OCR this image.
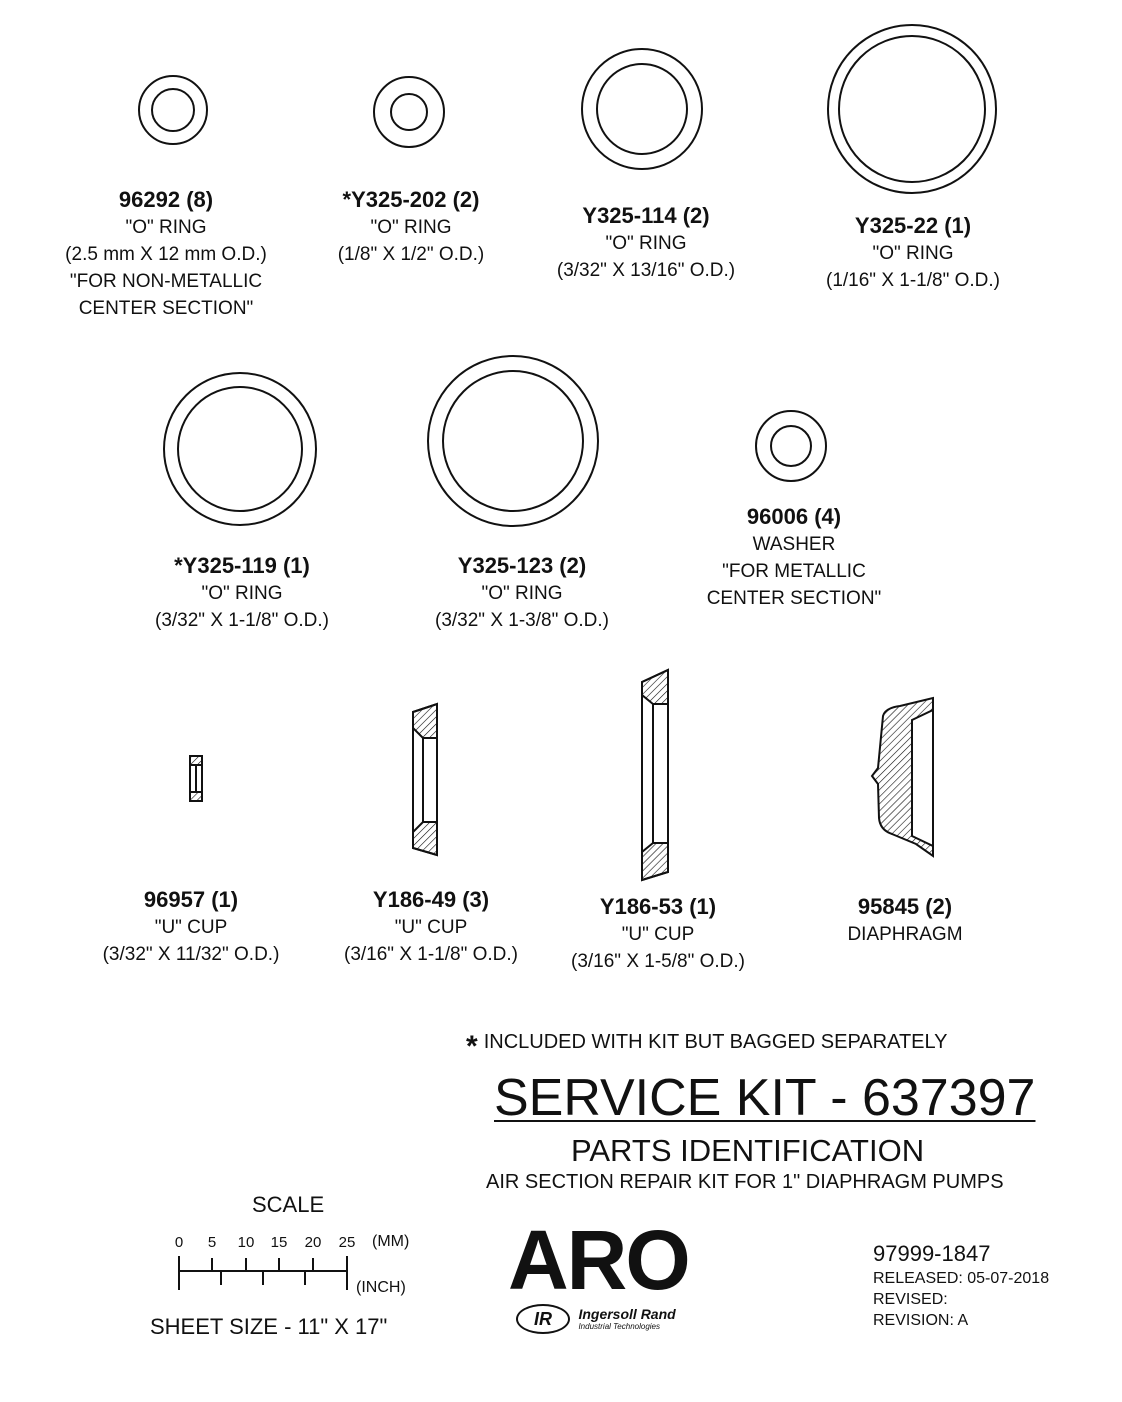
96292 (8)
"O" RING
(2.5 mm X 12 mm O.D.)
"FOR NON-METALLIC
CENTER SECTION"
*Y325-202 (2)
"O" RING
(1/8" X 1/2" O.D.)
Y325-114 (2)
"O" RING
(3/32" X 13/16" O.D.)
Y325-22 (1)
"O" RING
(1/16" X 1-1/8" O.D.)
*Y325-119 (1)
"O" RING
(3/32" X 1-1/8" O.D.)
Y325-123 (2)
"O" RING
(3/32" X 1-3/8" O.D.)
96006 (4)
WASHER
"FOR METALLIC
CENTER SECTION"
96957 (1)
"U" CUP
(3/32" X 11/32" O.D.)
Y186-49 (3)
"U" CUP
(3/16" X 1-1/8" O.D.)
Y186-53 (1)
"U" CUP
(3/16" X 1-5/8" O.D.)
95845 (2)
DIAPHRAGM
* INCLUDED WITH KIT BUT BAGGED SEPARATELY
SERVICE KIT - 637397
PARTS IDENTIFICATION
AIR SECTION REPAIR KIT FOR 1" DIAPHRAGM PUMPS
SCALE
0 5 10 15 20 25 (MM)
(INCH)
SHEET SIZE - 11" X 17"
ARO
IR Ingersoll Rand
Industrial Technologies
97999-1847
RELEASED: 05-07-2018
REVISED:
REVISION: A
